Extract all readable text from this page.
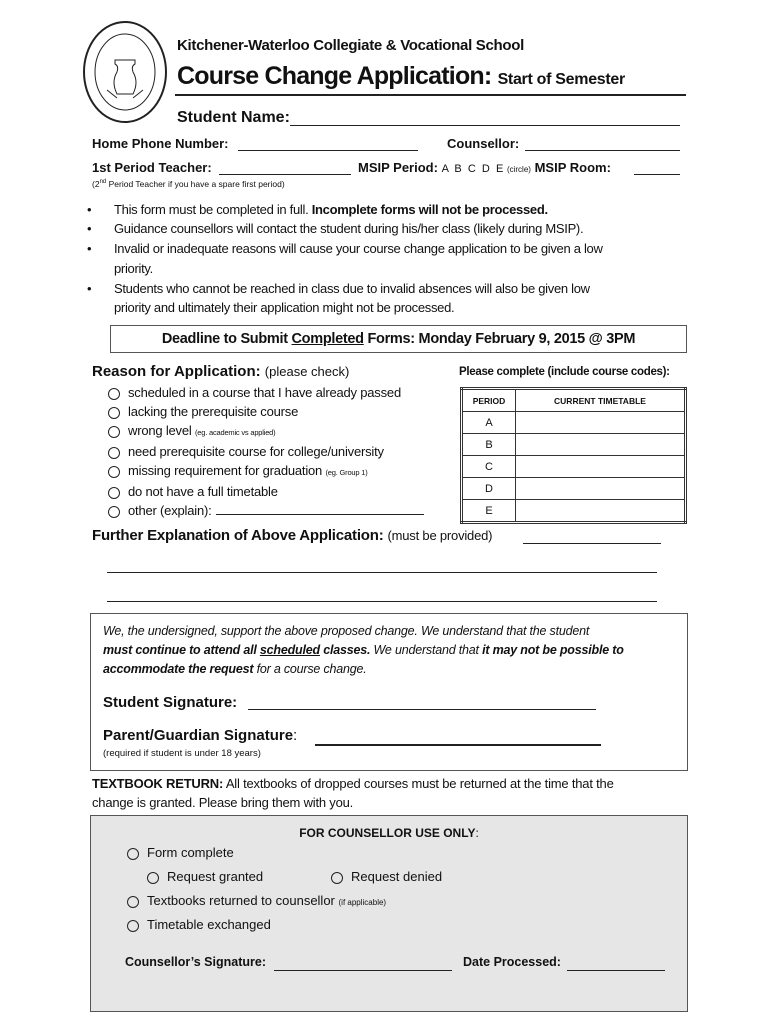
Kitchener-Waterloo Collegiate & Vocational School
Course Change Application: Start of Semester
Student Name:
Home Phone Number:	Counsellor:
1st Period Teacher:	MSIP Period: A  B  C  D  E (circle) MSIP Room:
(2nd Period Teacher if you have a spare first period)
This form must be completed in full. Incomplete forms will not be processed.
Guidance counsellors will contact the student during his/her class (likely during MSIP).
Invalid or inadequate reasons will cause your course change application to be given a low
priority.
Students who cannot be reached in class due to invalid absences will also be given low
priority and ultimately their application might not be processed.
Deadline to Submit Completed Forms: Monday February 9, 2015 @ 3PM
Reason for Application: (please check)
scheduled in a course that I have already passed
lacking the prerequisite course
wrong level (eg. academic vs applied)
need prerequisite course for college/university
missing requirement for graduation (eg. Group 1)
do not have a full timetable
other (explain):
Please complete (include course codes):
PERIOD	CURRENT TIMETABLE
A	
B	
C	
D	
E	
Further Explanation of Above Application: (must be provided)
We, the undersigned, support the above proposed change. We understand that the student
must continue to attend all scheduled classes. We understand that it may not be possible to
accommodate the request for a course change.
Student Signature:
Parent/Guardian Signature:
(required if student is under 18 years)
TEXTBOOK RETURN: All textbooks of dropped courses must be returned at the time that the
change is granted. Please bring them with you.
FOR COUNSELLOR USE ONLY:
Form complete
Request granted	Request denied
Textbooks returned to counsellor (if applicable)
Timetable exchanged
Counsellor’s Signature:	Date Processed:
